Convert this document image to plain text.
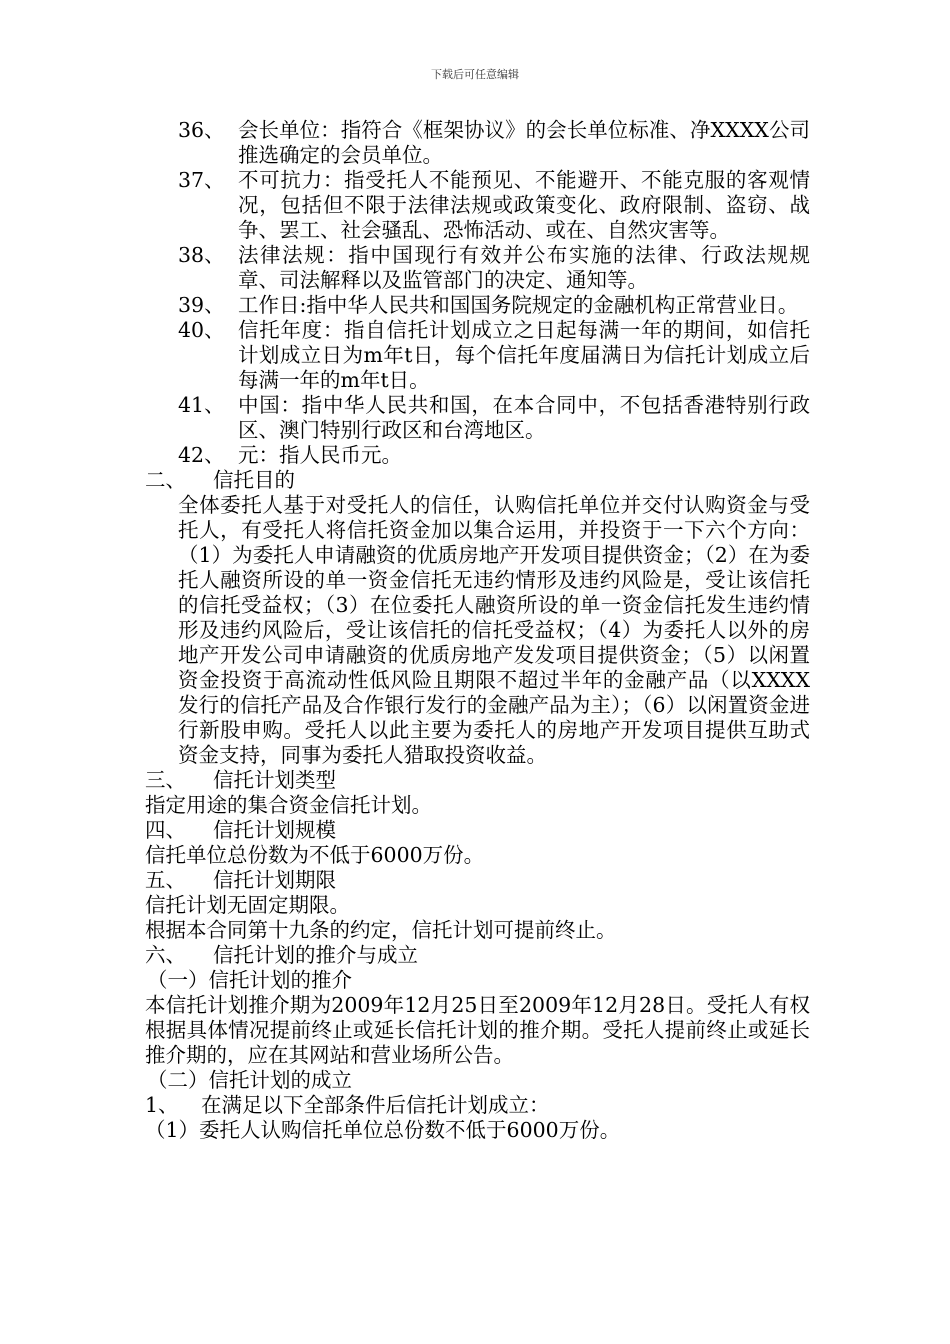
下载后可任意编辑
36、 会长单位：指符合《框架协议》的会长单位标准、净XXXX公司推选确定的会员单位。
37、 不可抗力：指受托人不能预见、不能避开、不能克服的客观情况，包括但不限于法律法规或政策变化、政府限制、盗窃、战争、罢工、社会骚乱、恐怖活动、或在、自然灾害等。
38、 法律法规：指中国现行有效并公布实施的法律、行政法规规章、司法解释以及监管部门的决定、通知等。
39、 工作日:指中华人民共和国国务院规定的金融机构正常营业日。
40、 信托年度：指自信托计划成立之日起每满一年的期间，如信托计划成立日为m年t日，每个信托年度届满日为信托计划成立后每满一年的m年t日。
41、 中国：指中华人民共和国，在本合同中，不包括香港特别行政区、澳门特别行政区和台湾地区。
42、 元：指人民币元。
二、	信托目的
全体委托人基于对受托人的信任，认购信托单位并交付认购资金与受托人，有受托人将信托资金加以集合运用，并投资于一下六个方向：（1）为委托人申请融资的优质房地产开发项目提供资金；（2）在为委托人融资所设的单一资金信托无违约情形及违约风险是，受让该信托的信托受益权；（3）在位委托人融资所设的单一资金信托发生违约情形及违约风险后，受让该信托的信托受益权；（4）为委托人以外的房地产开发公司申请融资的优质房地产发发项目提供资金；（5）以闲置资金投资于高流动性低风险且期限不超过半年的金融产品（以XXXX发行的信托产品及合作银行发行的金融产品为主）；（6）以闲置资金进行新股申购。受托人以此主要为委托人的房地产开发项目提供互助式资金支持，同事为委托人猎取投资收益。
三、	信托计划类型
指定用途的集合资金信托计划。
四、	信托计划规模
信托单位总份数为不低于6000万份。
五、	信托计划期限
信托计划无固定期限。
根据本合同第十九条的约定，信托计划可提前终止。
六、	信托计划的推介与成立
（一）信托计划的推介
本信托计划推介期为2009年12月25日至2009年12月28日。受托人有权根据具体情况提前终止或延长信托计划的推介期。受托人提前终止或延长推介期的，应在其网站和营业场所公告。
（二）信托计划的成立
1、	在满足以下全部条件后信托计划成立：
（1）委托人认购信托单位总份数不低于6000万份。
